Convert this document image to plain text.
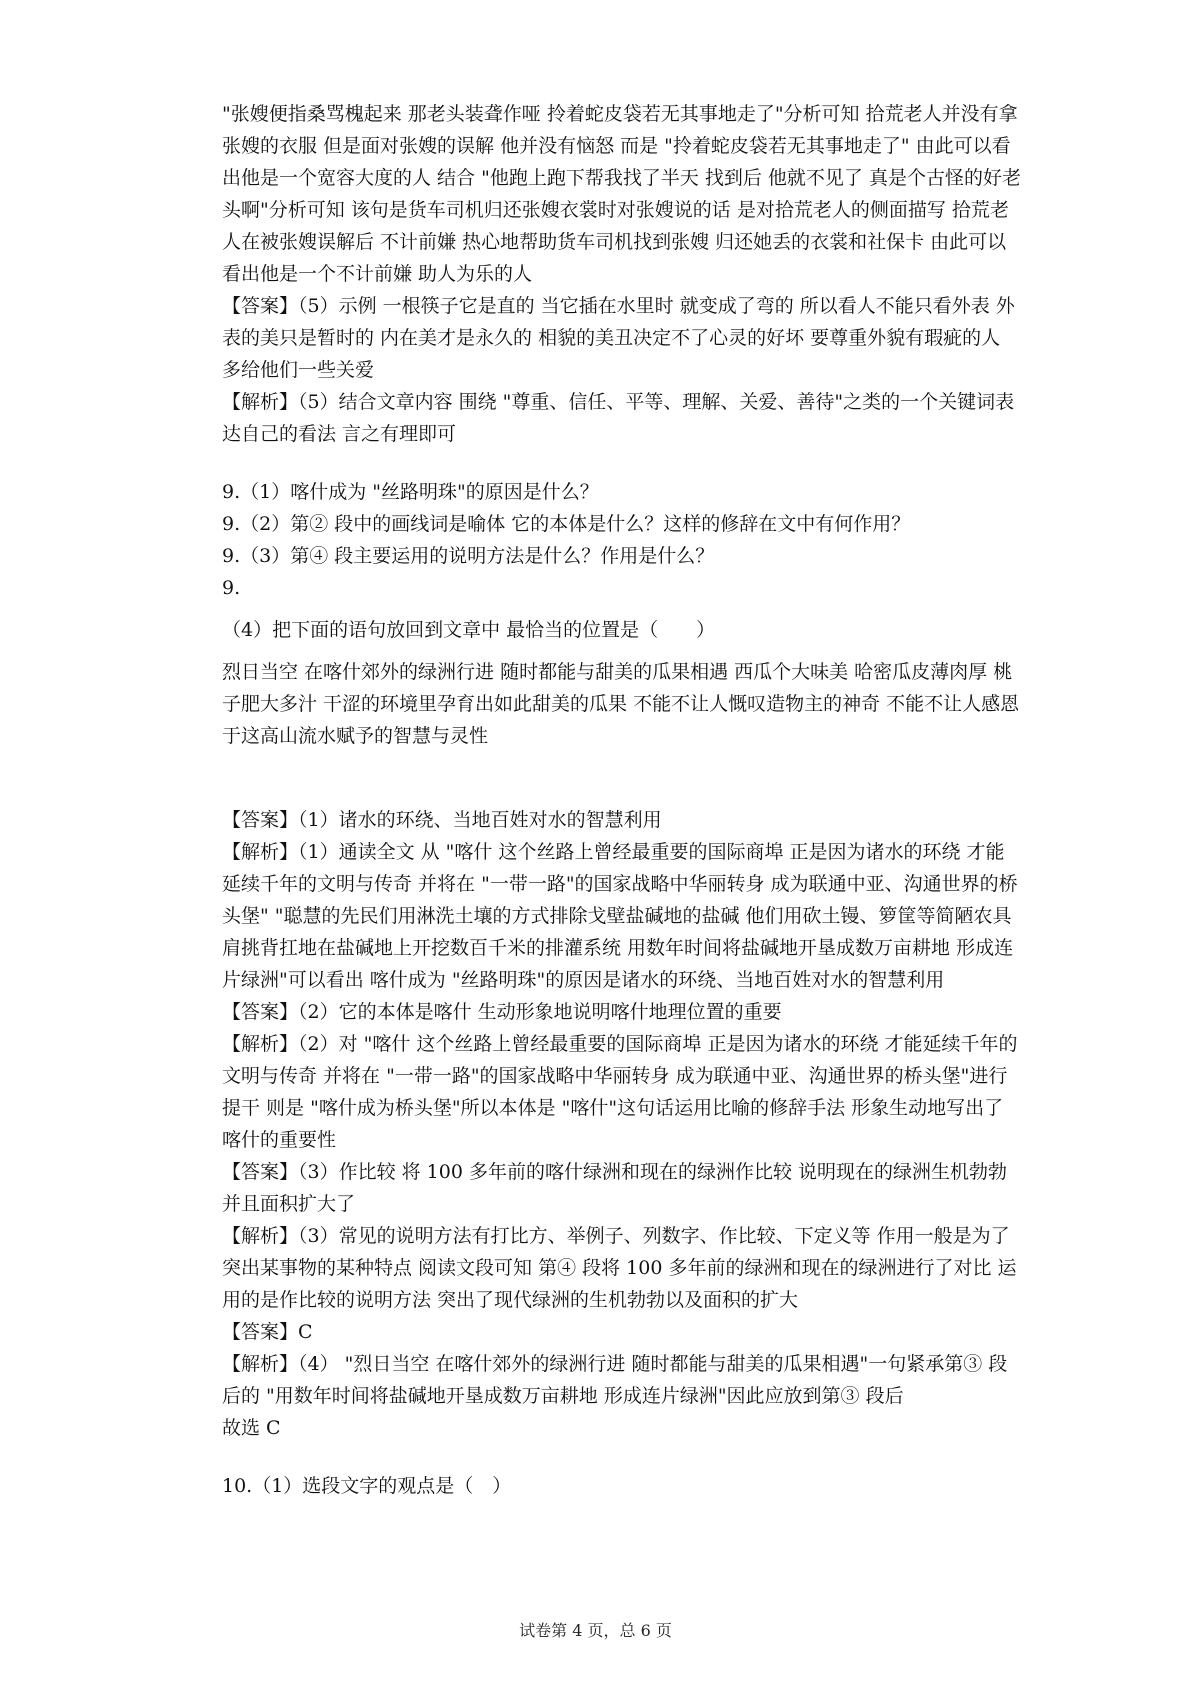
"张嫂便指桑骂槐起来 那老头装聋作哑 拎着蛇皮袋若无其事地走了"分析可知 拾荒老人并没有拿张嫂的衣服 但是面对张嫂的误解 他并没有恼怒 而是 "拎着蛇皮袋若无其事地走了" 由此可以看出他是一个宽容大度的人 结合 "他跑上跑下帮我找了半天 找到后 他就不见了 真是个古怪的好老头啊"分析可知 该句是货车司机归还张嫂衣裳时对张嫂说的话 是对拾荒老人的侧面描写 拾荒老人在被张嫂误解后 不计前嫌 热心地帮助货车司机找到张嫂 归还她丢的衣裳和社保卡 由此可以看出他是一个不计前嫌 助人为乐的人

【答案】（5）示例 一根筷子它是直的 当它插在水里时 就变成了弯的 所以看人不能只看外表 外表的美只是暂时的 内在美才是永久的 相貌的美丑决定不了心灵的好坏 要尊重外貌有瑕疵的人 多给他们一些关爱

【解析】（5）结合文章内容 围绕 "尊重、信任、平等、理解、关爱、善待"之类的一个关键词表达自己的看法 言之有理即可

9.（1）喀什成为 "丝路明珠"的原因是什么？

9.（2）第② 段中的画线词是喻体 它的本体是什么？这样的修辞在文中有何作用？

9.（3）第④ 段主要运用的说明方法是什么？作用是什么？

9.

（4）把下面的语句放回到文章中 最恰当的位置是（　　）

烈日当空 在喀什郊外的绿洲行进 随时都能与甜美的瓜果相遇 西瓜个大味美 哈密瓜皮薄肉厚 桃子肥大多汁 干涩的环境里孕育出如此甜美的瓜果 不能不让人慨叹造物主的神奇 不能不让人感恩于这高山流水赋予的智慧与灵性

【答案】（1）诸水的环绕、当地百姓对水的智慧利用

【解析】（1）通读全文 从 "喀什 这个丝路上曾经最重要的国际商埠 正是因为诸水的环绕 才能延续千年的文明与传奇 并将在 "一带一路"的国家战略中华丽转身 成为联通中亚、沟通世界的桥头堡" "聪慧的先民们用淋洗土壤的方式排除戈壁盐碱地的盐碱 他们用砍土镘、箩筐等简陋农具 肩挑背扛地在盐碱地上开挖数百千米的排灌系统 用数年时间将盐碱地开垦成数万亩耕地 形成连片绿洲"可以看出 喀什成为 "丝路明珠"的原因是诸水的环绕、当地百姓对水的智慧利用

【答案】（2）它的本体是喀什 生动形象地说明喀什地理位置的重要

【解析】（2）对 "喀什 这个丝路上曾经最重要的国际商埠 正是因为诸水的环绕 才能延续千年的文明与传奇 并将在 "一带一路"的国家战略中华丽转身 成为联通中亚、沟通世界的桥头堡"进行提干 则是 "喀什成为桥头堡"所以本体是 "喀什"这句话运用比喻的修辞手法 形象生动地写出了喀什的重要性

【答案】（3）作比较 将 100 多年前的喀什绿洲和现在的绿洲作比较 说明现在的绿洲生机勃勃并且面积扩大了

【解析】（3）常见的说明方法有打比方、举例子、列数字、作比较、下定义等 作用一般是为了突出某事物的某种特点 阅读文段可知 第④ 段将 100 多年前的绿洲和现在的绿洲进行了对比 运用的是作比较的说明方法 突出了现代绿洲的生机勃勃以及面积的扩大

【答案】C

【解析】（4） "烈日当空 在喀什郊外的绿洲行进 随时都能与甜美的瓜果相遇"一句紧承第③ 段后的 "用数年时间将盐碱地开垦成数万亩耕地 形成连片绿洲"因此应放到第③ 段后

故选 C

10.（1）选段文字的观点是（　）

试卷第 4 页，总 6 页
